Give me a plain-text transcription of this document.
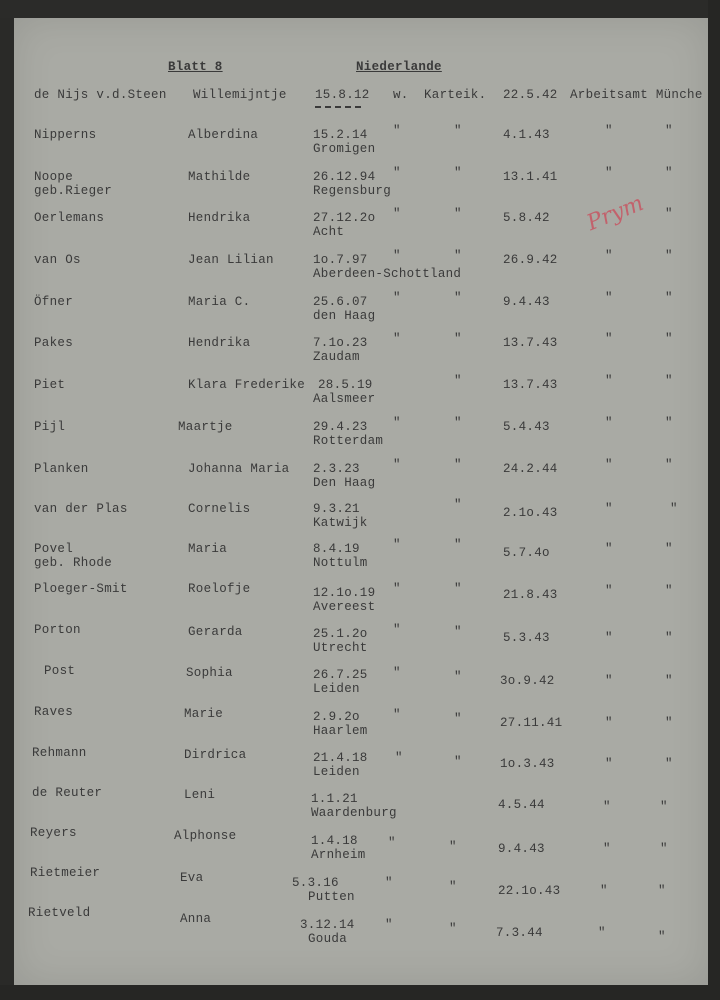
Blatt 8	Niederlande
de Nijs v.d.Steen Willemijntje 15.8.12 w. Karteik. 22.5.42 Arbeitsamt Münche
Nipperns	Alberdina	15.2.14
Gromigen
"	"	4.1.43	"	"
Noope
geb.Rieger
Mathilde	26.12.94
Regensburg
"	"	13.1.41	"	"
Oerlemans	Hendrika	27.12.2o
Acht
"	"	5.8.42	"
van Os	Jean Lilian	1o.7.97
Aberdeen-Schottland
"	"	26.9.42	"	"
Öfner	Maria C.	25.6.07
den Haag
"	"	9.4.43	"	"
Pakes	Hendrika	7.1o.23
Zaudam
"	"	13.7.43	"	"
Piet	Klara Frederike 28.5.19
Aalsmeer
"	13.7.43	"	"
Pijl	Maartje	29.4.23
Rotterdam
"	"	5.4.43	"	"
Planken	Johanna Maria 2.3.23
Den Haag
"	"	24.2.44	"	"
van der Plas	Cornelis	9.3.21
Katwijk
"
2.1o.43	"	"
Povel
geb. Rhode
Maria	8.4.19
Nottulm
"	"
5.7.4o	"	"
Ploeger-Smit	Roelofje	12.1o.19
Avereest
"	"	21.8.43	"	"
Porton	Gerarda	25.1.2o
Utrecht
"	"	5.3.43	"	"
Post	Sophia	26.7.25
Leiden
"	"	3o.9.42	"	"
Raves	Marie	2.9.2o
Haarlem
"	"	27.11.41	"	"
Rehmann	Dirdrica	21.4.18
Leiden
"	"	1o.3.43	"	"
de Reuter	Leni	1.1.21
Waardenburg
4.5.44	"	"
Reyers	Alphonse	1.4.18
Arnheim
"	"	9.4.43	"	"
Rietmeier	Eva	5.3.16
Putten
"	"	22.1o.43	"	"
Rietveld	Anna	3.12.14
Gouda
"	"	7.3.44	"	"
Prym
